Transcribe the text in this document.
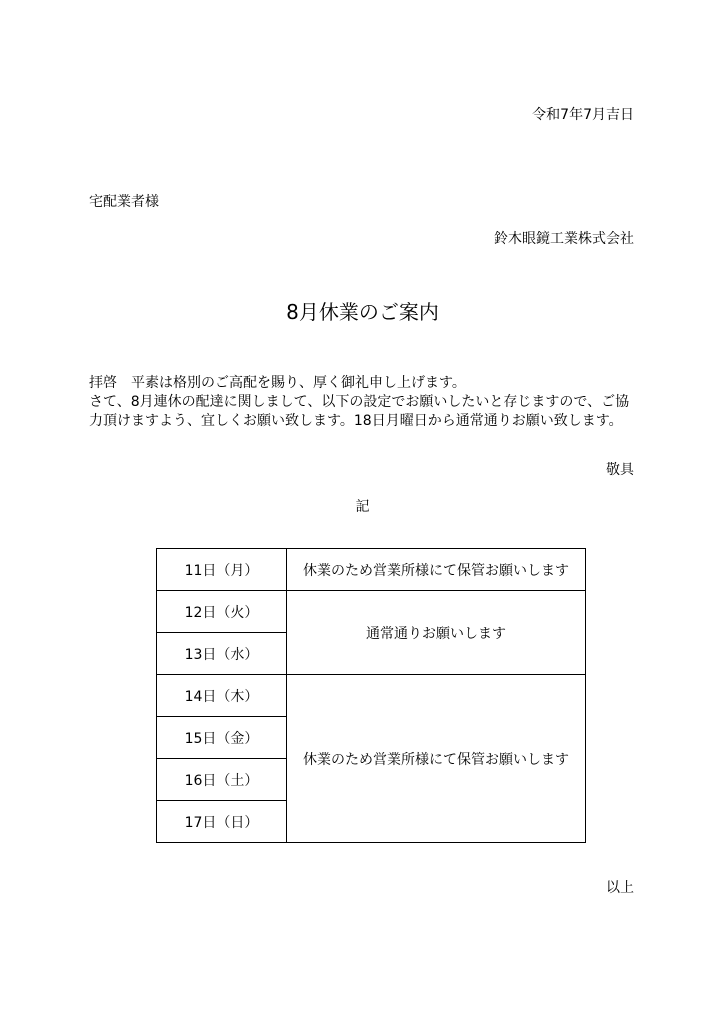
令和7年7月吉日
宅配業者様
鈴木眼鏡工業株式会社
8月休業のご案内

拝啓　平素は格別のご高配を賜り、厚く御礼申し上げます。

さて、8月連休の配達に関しまして、以下の設定でお願いしたいと存じますので、ご協力頂けますよう、宜しくお願い致します。18日月曜日から通常通りお願い致します。

敬具
記
11日（月）	休業のため営業所様にて保管お願いします
12日（火）	通常通りお願いします
13日（水）	
14日（木）	休業のため営業所様にて保管お願いします
15日（金）	
16日（土）	
17日（日）	
以上
